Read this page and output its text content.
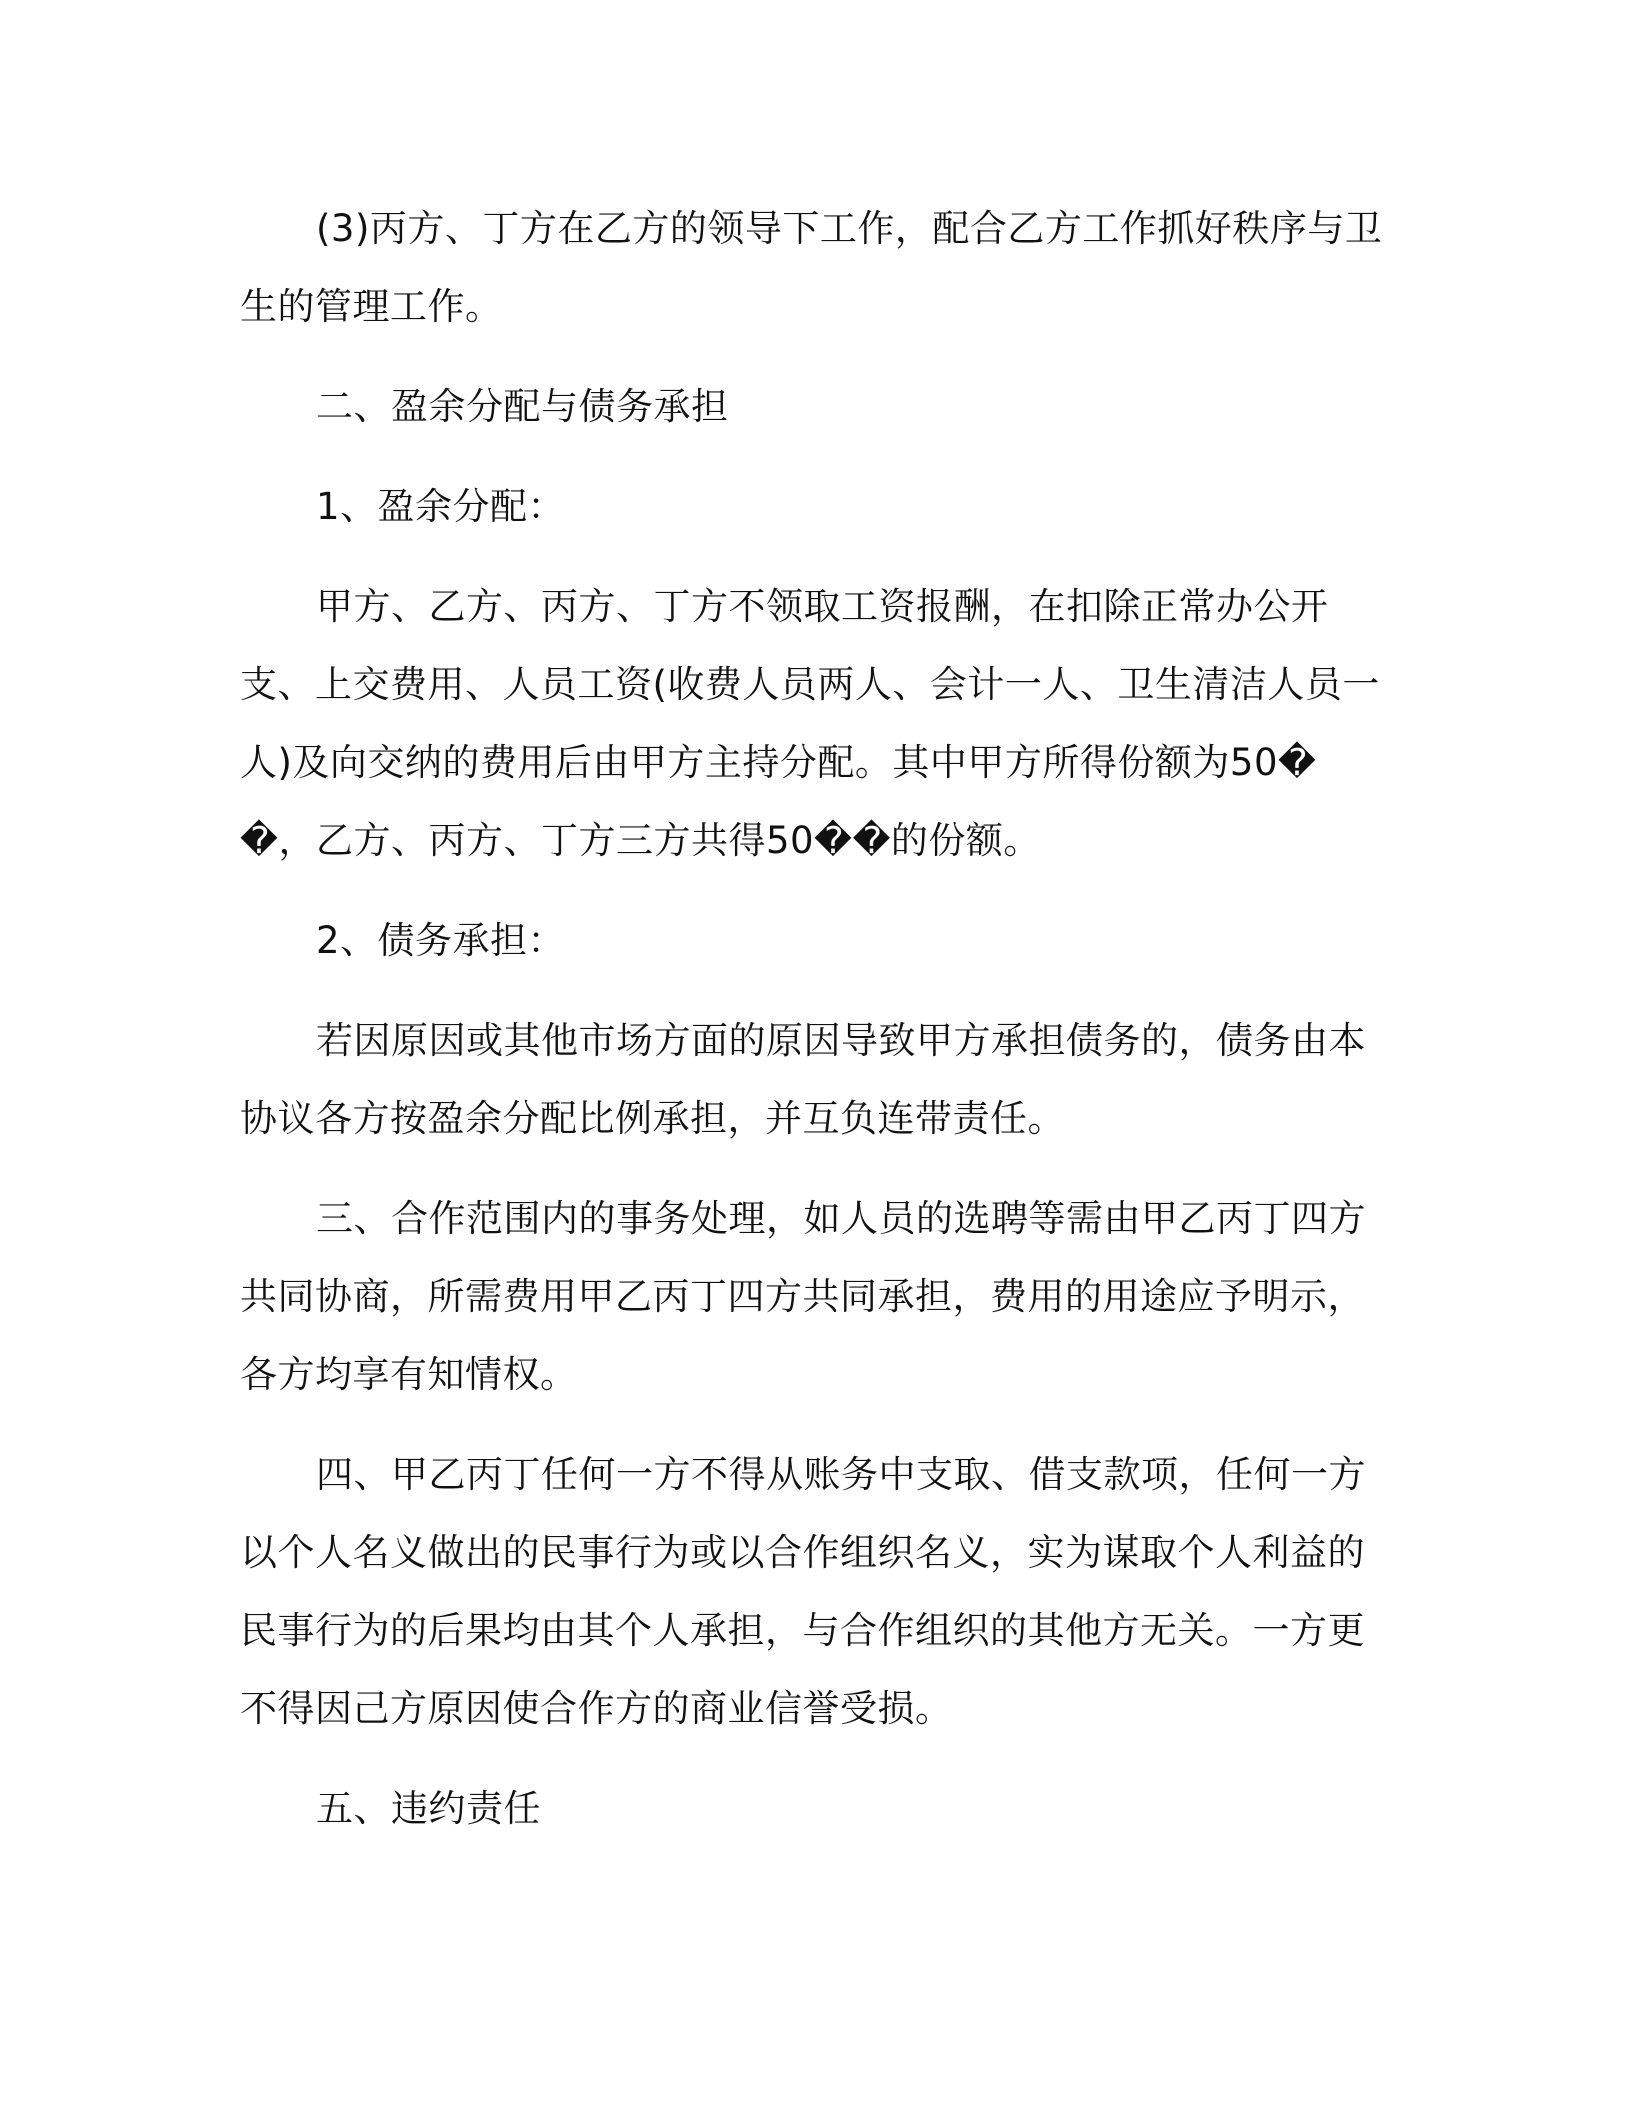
(3)丙方、丁方在乙方的领导下工作，配合乙方工作抓好秩序与卫生的管理工作。

二、盈余分配与债务承担

1、盈余分配：

甲方、乙方、丙方、丁方不领取工资报酬，在扣除正常办公开支、上交费用、人员工资(收费人员两人、会计一人、卫生清洁人员一人)及向交纳的费用后由甲方主持分配。其中甲方所得份额为50��，乙方、丙方、丁方三方共得50��的份额。

2、债务承担：

若因原因或其他市场方面的原因导致甲方承担债务的，债务由本协议各方按盈余分配比例承担，并互负连带责任。

三、合作范围内的事务处理，如人员的选聘等需由甲乙丙丁四方共同协商，所需费用甲乙丙丁四方共同承担，费用的用途应予明示，各方均享有知情权。

四、甲乙丙丁任何一方不得从账务中支取、借支款项，任何一方以个人名义做出的民事行为或以合作组织名义，实为谋取个人利益的民事行为的后果均由其个人承担，与合作组织的其他方无关。一方更不得因己方原因使合作方的商业信誉受损。

五、违约责任
